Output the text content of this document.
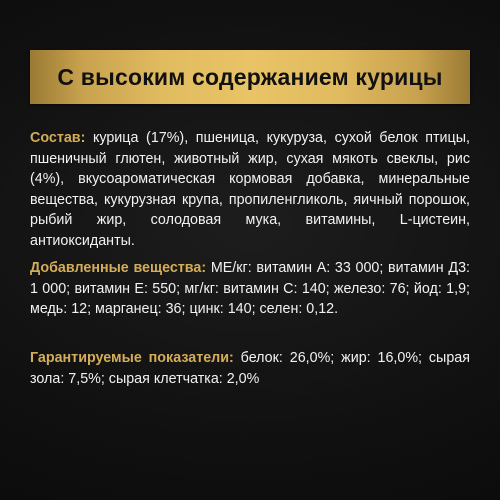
С высоким содержанием курицы
Состав: курица (17%), пшеница, кукуруза, сухой белок птицы, пшеничный глютен, животный жир, сухая мякоть свеклы, рис (4%), вкусоароматическая кормовая добавка, минеральные вещества, кукурузная крупа, пропиленгликоль, яичный порошок, рыбий жир, солодовая мука, витамины, L-цистеин, антиоксиданты.
Добавленные вещества: МЕ/кг: витамин А: 33 000; витамин Д3: 1 000; витамин Е: 550; мг/кг: витамин С: 140; железо: 76; йод: 1,9; медь: 12; марганец: 36; цинк: 140; селен: 0,12.
Гарантируемые показатели: белок: 26,0%; жир: 16,0%; сырая зола: 7,5%; сырая клетчатка: 2,0%
